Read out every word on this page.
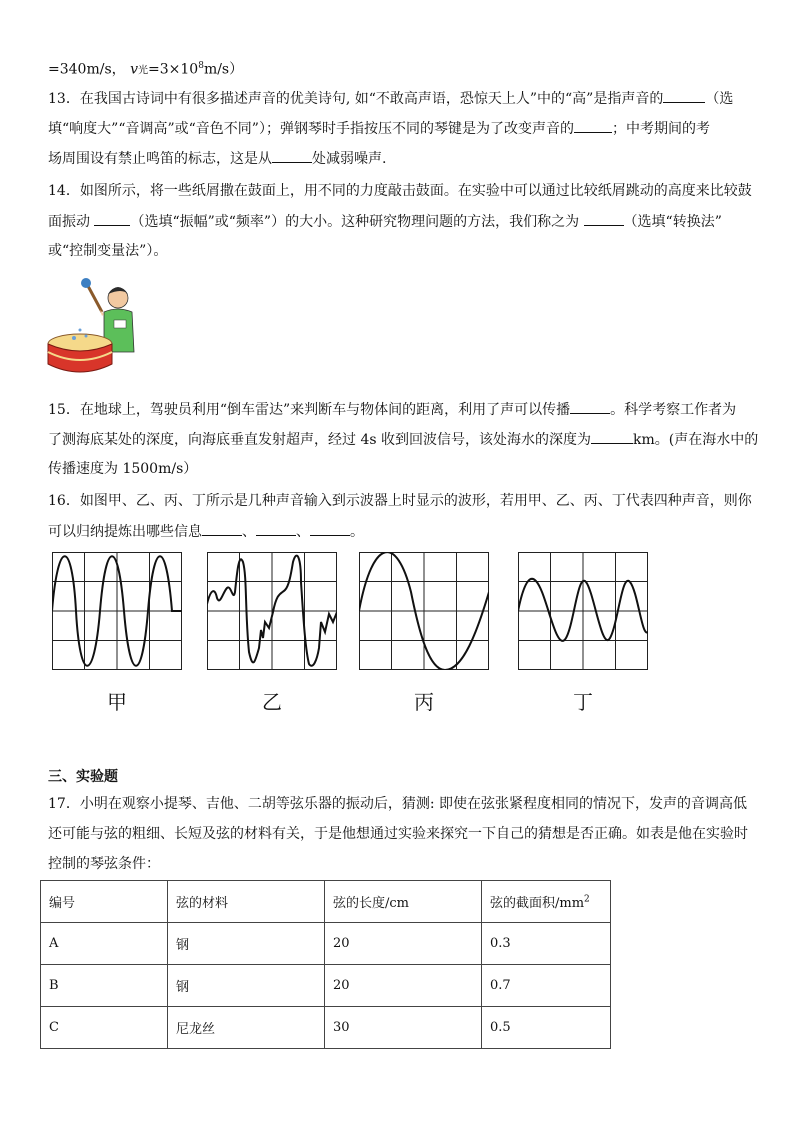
=340m/s， v光$=3\times 10^8m/s$）
13．在我国古诗词中有很多描述声音的优美诗句, 如“不敢高声语，恐惊天上人”中的“高”是指声音的	（选
填“响度大”“音调高”或“音色不同”）；弹钢琴时手指按压不同的琴键是为了改变声音的	；中考期间的考
场周围设有禁止鸣笛的标志，这是从	处减弱噪声.
14．如图所示，将一些纸屑撒在鼓面上，用不同的力度敲击鼓面。在实验中可以通过比较纸屑跳动的高度来比较鼓
面振动	（选填“振幅”或“频率”）的大小。这种研究物理问题的方法，我们称之为	（选填“转换法”
或“控制变量法”）。
15．在地球上，驾驶员利用“倒车雷达”来判断车与物体间的距离，利用了声可以传播	。科学考察工作者为
了测海底某处的深度，向海底垂直发射超声，经过 4s 收到回波信号，该处海水的深度为	km。(声在海水中的
传播速度为 1500m/s）
16．如图甲、乙、丙、丁所示是几种声音输入到示波器上时显示的波形，若用甲、乙、丙、丁代表四种声音，则你
可以归纳提炼出哪些信息	、	、	。
甲	乙	丙	丁
三、实验题
17．小明在观察小提琴、吉他、二胡等弦乐器的振动后，猜测: 即使在弦张紧程度相同的情况下，发声的音调高低
还可能与弦的粗细、长短及弦的材料有关，于是他想通过实验来探究一下自己的猜想是否正确。如表是他在实验时
控制的琴弦条件：
编号	弦的材料	弦的长度/cm	弦的截面积$/mm^2$
A	钢	20	0.3
B	钢	20	0.7
C	尼龙丝	30	0.5
